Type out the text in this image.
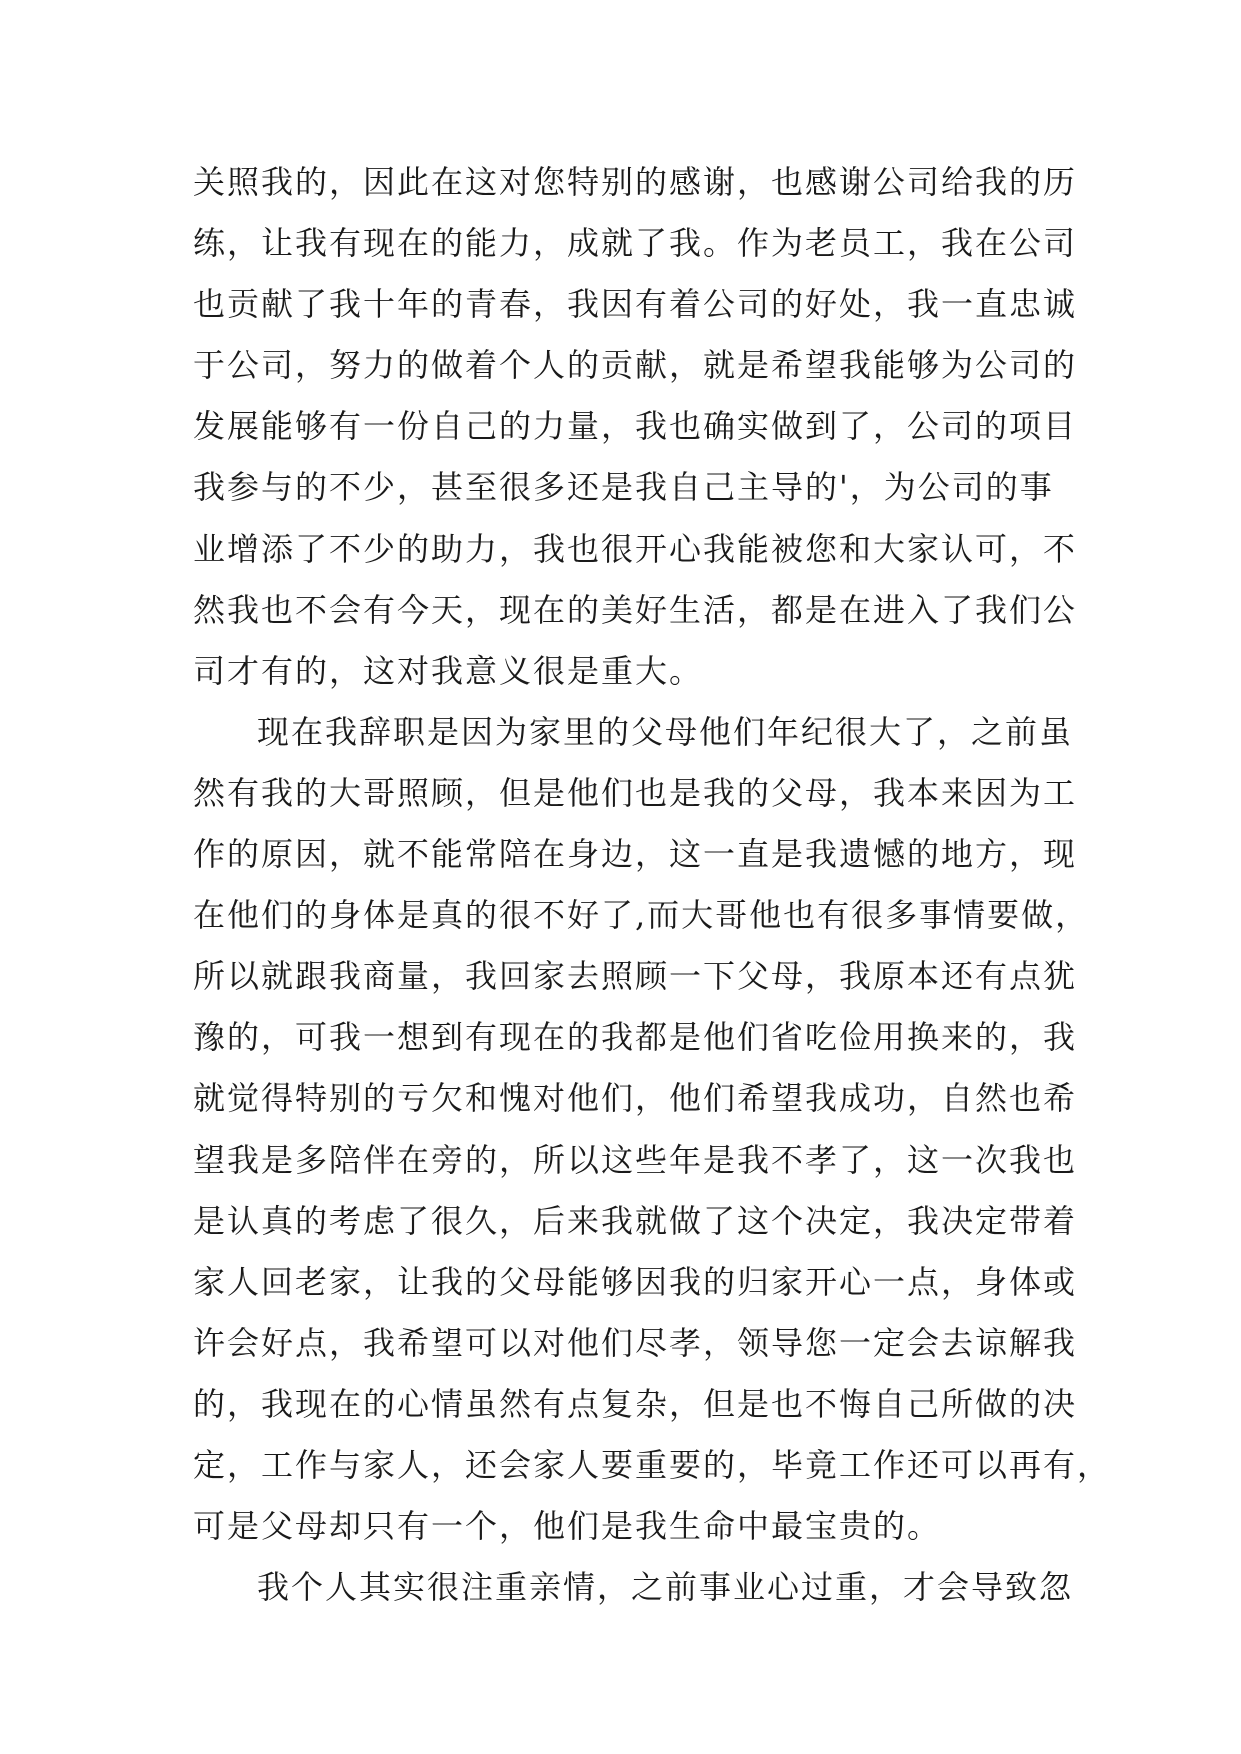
关照我的，因此在这对您特别的感谢，也感谢公司给我的历
练，让我有现在的能力，成就了我。作为老员工，我在公司
也贡献了我十年的青春，我因有着公司的好处，我一直忠诚
于公司，努力的做着个人的贡献，就是希望我能够为公司的
发展能够有一份自己的力量，我也确实做到了，公司的项目
我参与的不少，甚至很多还是我自己主导的'，为公司的事
业增添了不少的助力，我也很开心我能被您和大家认可，不
然我也不会有今天，现在的美好生活，都是在进入了我们公
司才有的，这对我意义很是重大。
现在我辞职是因为家里的父母他们年纪很大了，之前虽
然有我的大哥照顾，但是他们也是我的父母，我本来因为工
作的原因，就不能常陪在身边，这一直是我遗憾的地方，现
在他们的身体是真的很不好了,而大哥他也有很多事情要做，
所以就跟我商量，我回家去照顾一下父母，我原本还有点犹
豫的，可我一想到有现在的我都是他们省吃俭用换来的，我
就觉得特别的亏欠和愧对他们，他们希望我成功，自然也希
望我是多陪伴在旁的，所以这些年是我不孝了，这一次我也
是认真的考虑了很久，后来我就做了这个决定，我决定带着
家人回老家，让我的父母能够因我的归家开心一点，身体或
许会好点，我希望可以对他们尽孝，领导您一定会去谅解我
的，我现在的心情虽然有点复杂，但是也不悔自己所做的决
定，工作与家人，还会家人要重要的，毕竟工作还可以再有，
可是父母却只有一个，他们是我生命中最宝贵的。
我个人其实很注重亲情，之前事业心过重，才会导致忽
